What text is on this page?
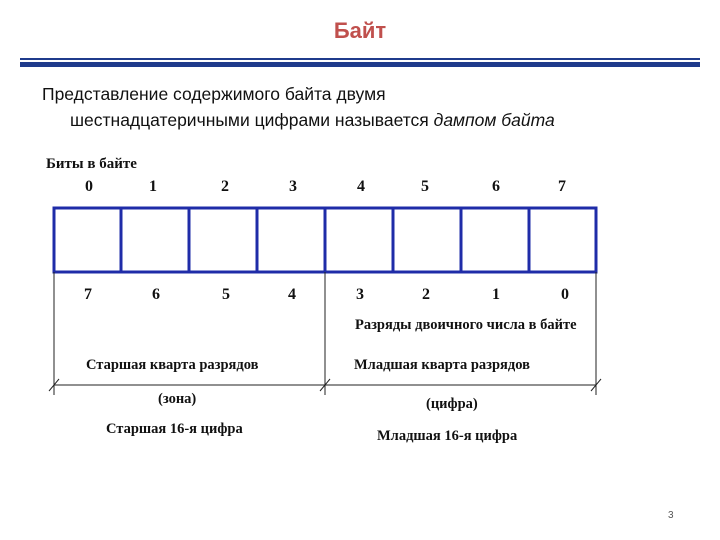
Байт
Представление содержимого байта двумя
шестнадцатеричными цифрами называется дампом байта
Биты в байте
0	1	2	3	4	5	6	7
7	6	5	4	3	2	1	0
Разряды двоичного числа в байте
Старшая кварта разрядов	Младшая кварта разрядов
(зона)	(цифра)
Старшая 16-я цифра	Младшая 16-я цифра
3
